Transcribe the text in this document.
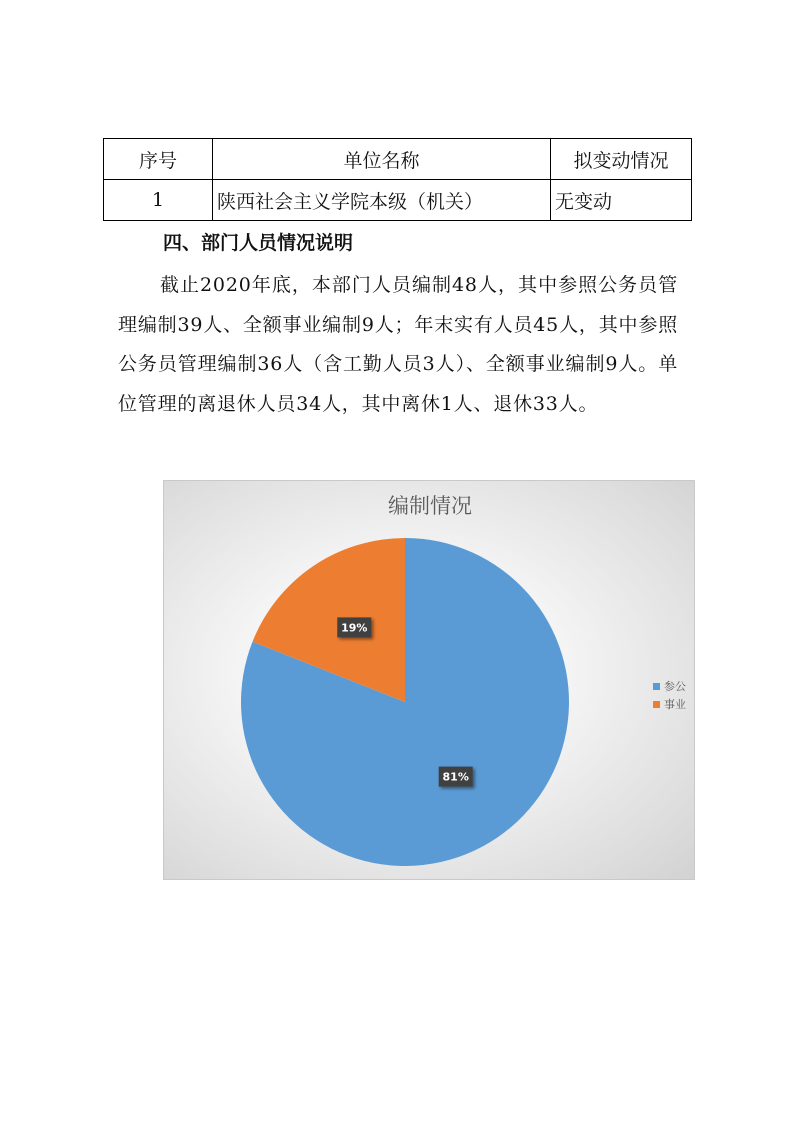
序号	单位名称	拟变动情况
1	陕西社会主义学院本级（机关）	无变动
四、部门人员情况说明

截止2020年底，本部门人员编制48人，其中参照公务员管理编制39人、全额事业编制9人；年末实有人员45人，其中参照公务员管理编制36人（含工勤人员3人）、全额事业编制9人。单位管理的离退休人员34人，其中离休1人、退休33人。

编制情况
81%
19%
参公
事业
